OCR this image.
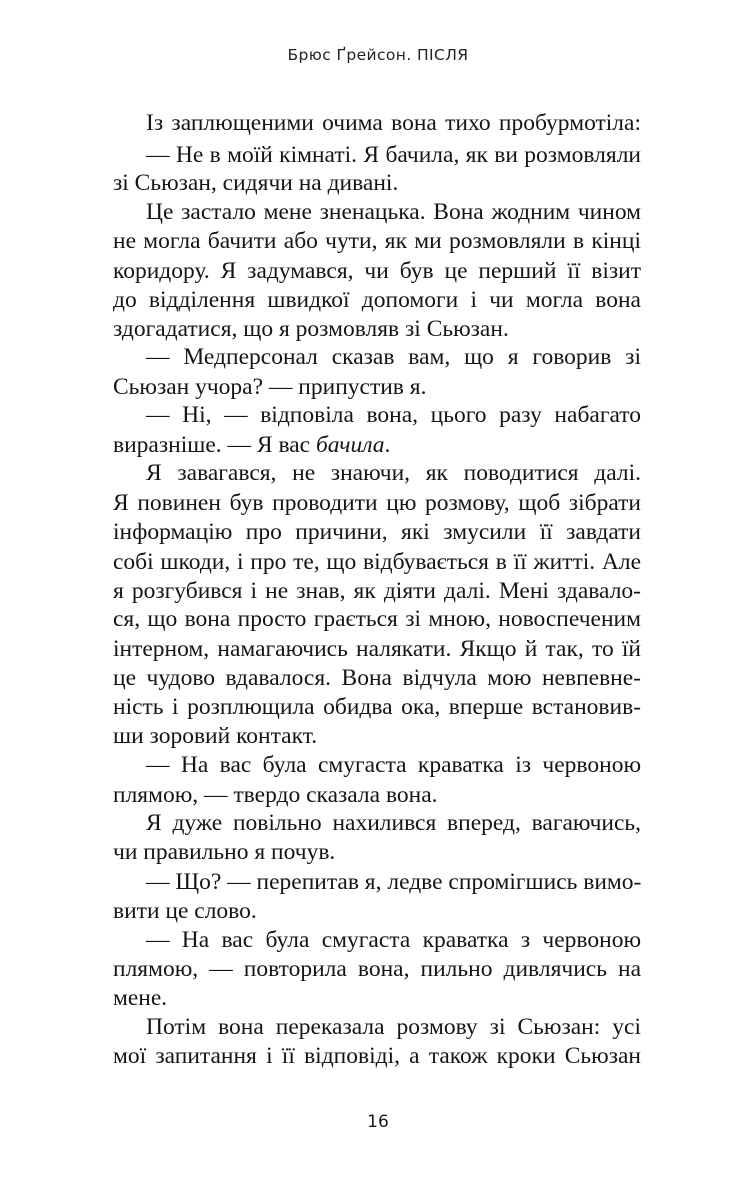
Брюс Ґрейсон. ПІСЛЯ
Із заплющеними очима вона тихо пробурмотіла:
— Не в моїй кімнаті. Я бачила, як ви розмовляли
зі Сьюзан, сидячи на дивані.
Це застало мене зненацька. Вона жодним чином
не могла бачити або чути, як ми розмовляли в кінці
коридору. Я задумався, чи був це перший її візит
до відділення швидкої допомоги і чи могла вона
здогадатися, що я розмовляв зі Сьюзан.
— Медперсонал сказав вам, що я говорив зі
Сьюзан учора? — припустив я.
— Ні, — відповіла вона, цього разу набагато
виразніше. — Я вас бачила.
Я завагався, не знаючи, як поводитися далі.
Я повинен був проводити цю розмову, щоб зібрати
інформацію про причини, які змусили її завдати
собі шкоди, і про те, що відбувається в її житті. Але
я розгубився і не знав, як діяти далі. Мені здавало-
ся, що вона просто грається зі мною, новоспеченим
інтерном, намагаючись налякати. Якщо й так, то їй
це чудово вдавалося. Вона відчула мою невпевне-
ність і розплющила обидва ока, вперше встановив-
ши зоровий контакт.
— На вас була смугаста краватка із червоною
плямою, — твердо сказала вона.
Я дуже повільно нахилився вперед, вагаючись,
чи правильно я почув.
— Що? — перепитав я, ледве спромігшись вимо-
вити це слово.
— На вас була смугаста краватка з червоною
плямою, — повторила вона, пильно дивлячись на
мене.
Потім вона переказала розмову зі Сьюзан: усі
мої запитання і її відповіді, а також кроки Сьюзан
16
